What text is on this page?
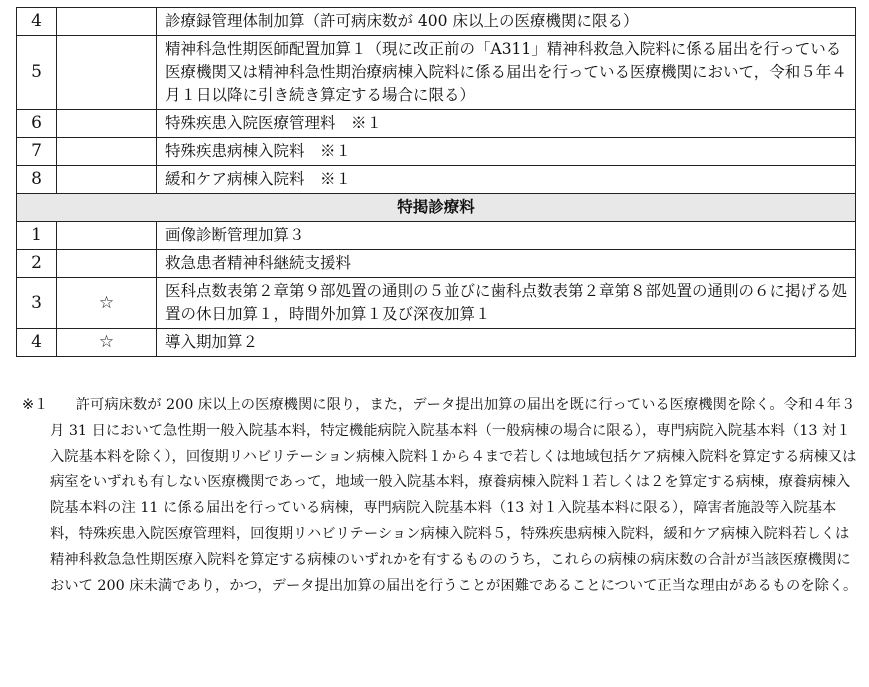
4		診療録管理体制加算（許可病床数が 400 床以上の医療機関に限る）
5		精神科急性期医師配置加算１（現に改正前の「A311」精神科救急入院料に係る届出を行っている医療機関又は精神科急性期治療病棟入院料に係る届出を行っている医療機関において，令和５年４月１日以降に引き続き算定する場合に限る）
6		特殊疾患入院医療管理料　※１
7		特殊疾患病棟入院料　※１
8		緩和ケア病棟入院料　※１
特掲診療料		
1		画像診断管理加算３
2		救急患者精神科継続支援料
3	☆	医科点数表第２章第９部処置の通則の５並びに歯科点数表第２章第８部処置の通則の６に掲げる処置の休日加算１，時間外加算１及び深夜加算１
4	☆	導入期加算２
※１	許可病床数が 200 床以上の医療機関に限り，また，データ提出加算の届出を既に行っている医療機関を除く。令和４年３月 31 日において急性期一般入院基本料，特定機能病院入院基本料（一般病棟の場合に限る），専門病院入院基本料（13 対１入院基本料を除く），回復期リハビリテーション病棟入院料１から４まで若しくは地域包括ケア病棟入院料を算定する病棟又は病室をいずれも有しない医療機関であって，地域一般入院基本料，療養病棟入院料１若しくは２を算定する病棟，療養病棟入院基本料の注 11 に係る届出を行っている病棟，専門病院入院基本料（13 対１入院基本料に限る），障害者施設等入院基本料，特殊疾患入院医療管理料，回復期リハビリテーション病棟入院料５，特殊疾患病棟入院料，緩和ケア病棟入院料若しくは精神科救急急性期医療入院料を算定する病棟のいずれかを有するもののうち，これらの病棟の病床数の合計が当該医療機関において 200 床未満であり，かつ，データ提出加算の届出を行うことが困難であることについて正当な理由があるものを除く。
